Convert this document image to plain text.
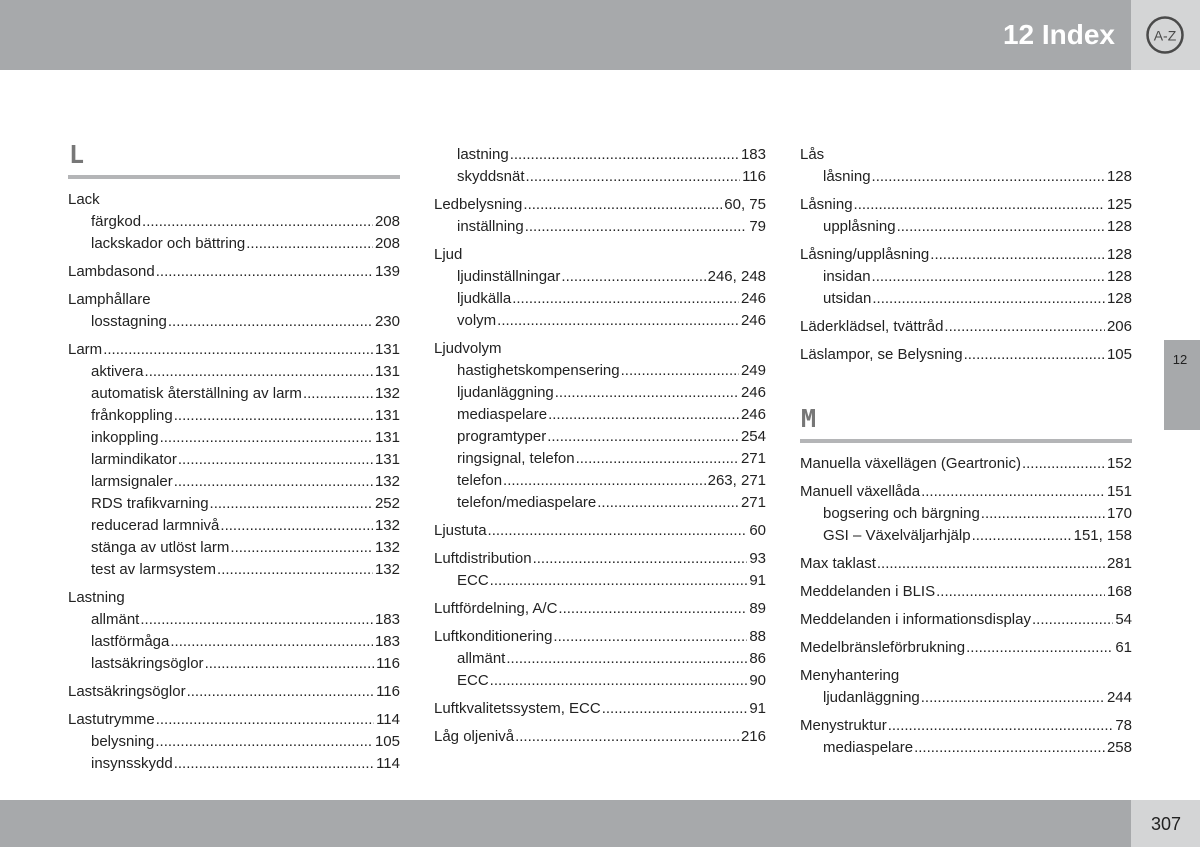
12 Index	A-Z
12
L
Lack
färgkod .....	208
lackskador och bättring .....	208
Lambdasond .....	139
Lamphållare
losstagning .....	230
Larm .....	131
aktivera .....	131
automatisk återställning av larm .....	132
frånkoppling .....	131
inkoppling .....	131
larmindikator .....	131
larmsignaler .....	132
RDS trafikvarning .....	252
reducerad larmnivå .....	132
stänga av utlöst larm .....	132
test av larmsystem .....	132
Lastning
allmänt .....	183
lastförmåga .....	183
lastsäkringsöglor .....	116
Lastsäkringsöglor .....	116
Lastutrymme .....	114
belysning .....	105
insynsskydd .....	114
lastning .....	183
skyddsnät .....	116
Ledbelysning .....	60, 75
inställning .....	79
Ljud
ljudinställningar .....	246, 248
ljudkälla .....	246
volym .....	246
Ljudvolym
hastighetskompensering .....	249
ljudanläggning .....	246
mediaspelare .....	246
programtyper .....	254
ringsignal, telefon .....	271
telefon .....	263, 271
telefon/mediaspelare .....	271
Ljustuta .....	60
Luftdistribution .....	93
ECC .....	91
Luftfördelning, A/C .....	89
Luftkonditionering .....	88
allmänt .....	86
ECC .....	90
Luftkvalitetssystem, ECC .....	91
Låg oljenivå .....	216
Lås
låsning .....	128
Låsning .....	125
upplåsning .....	128
Låsning/upplåsning .....	128
insidan .....	128
utsidan .....	128
Läderklädsel, tvättråd .....	206
Läslampor, se Belysning .....	105
M
Manuella växellägen (Geartronic) .....	152
Manuell växellåda .....	151
bogsering och bärgning .....	170
GSI – Växelväljarhjälp .....	151, 158
Max taklast .....	281
Meddelanden i BLIS .....	168
Meddelanden i informationsdisplay .....	54
Medelbränsleförbrukning .....	61
Menyhantering
ljudanläggning .....	244
Menystruktur .....	78
mediaspelare .....	258
307
